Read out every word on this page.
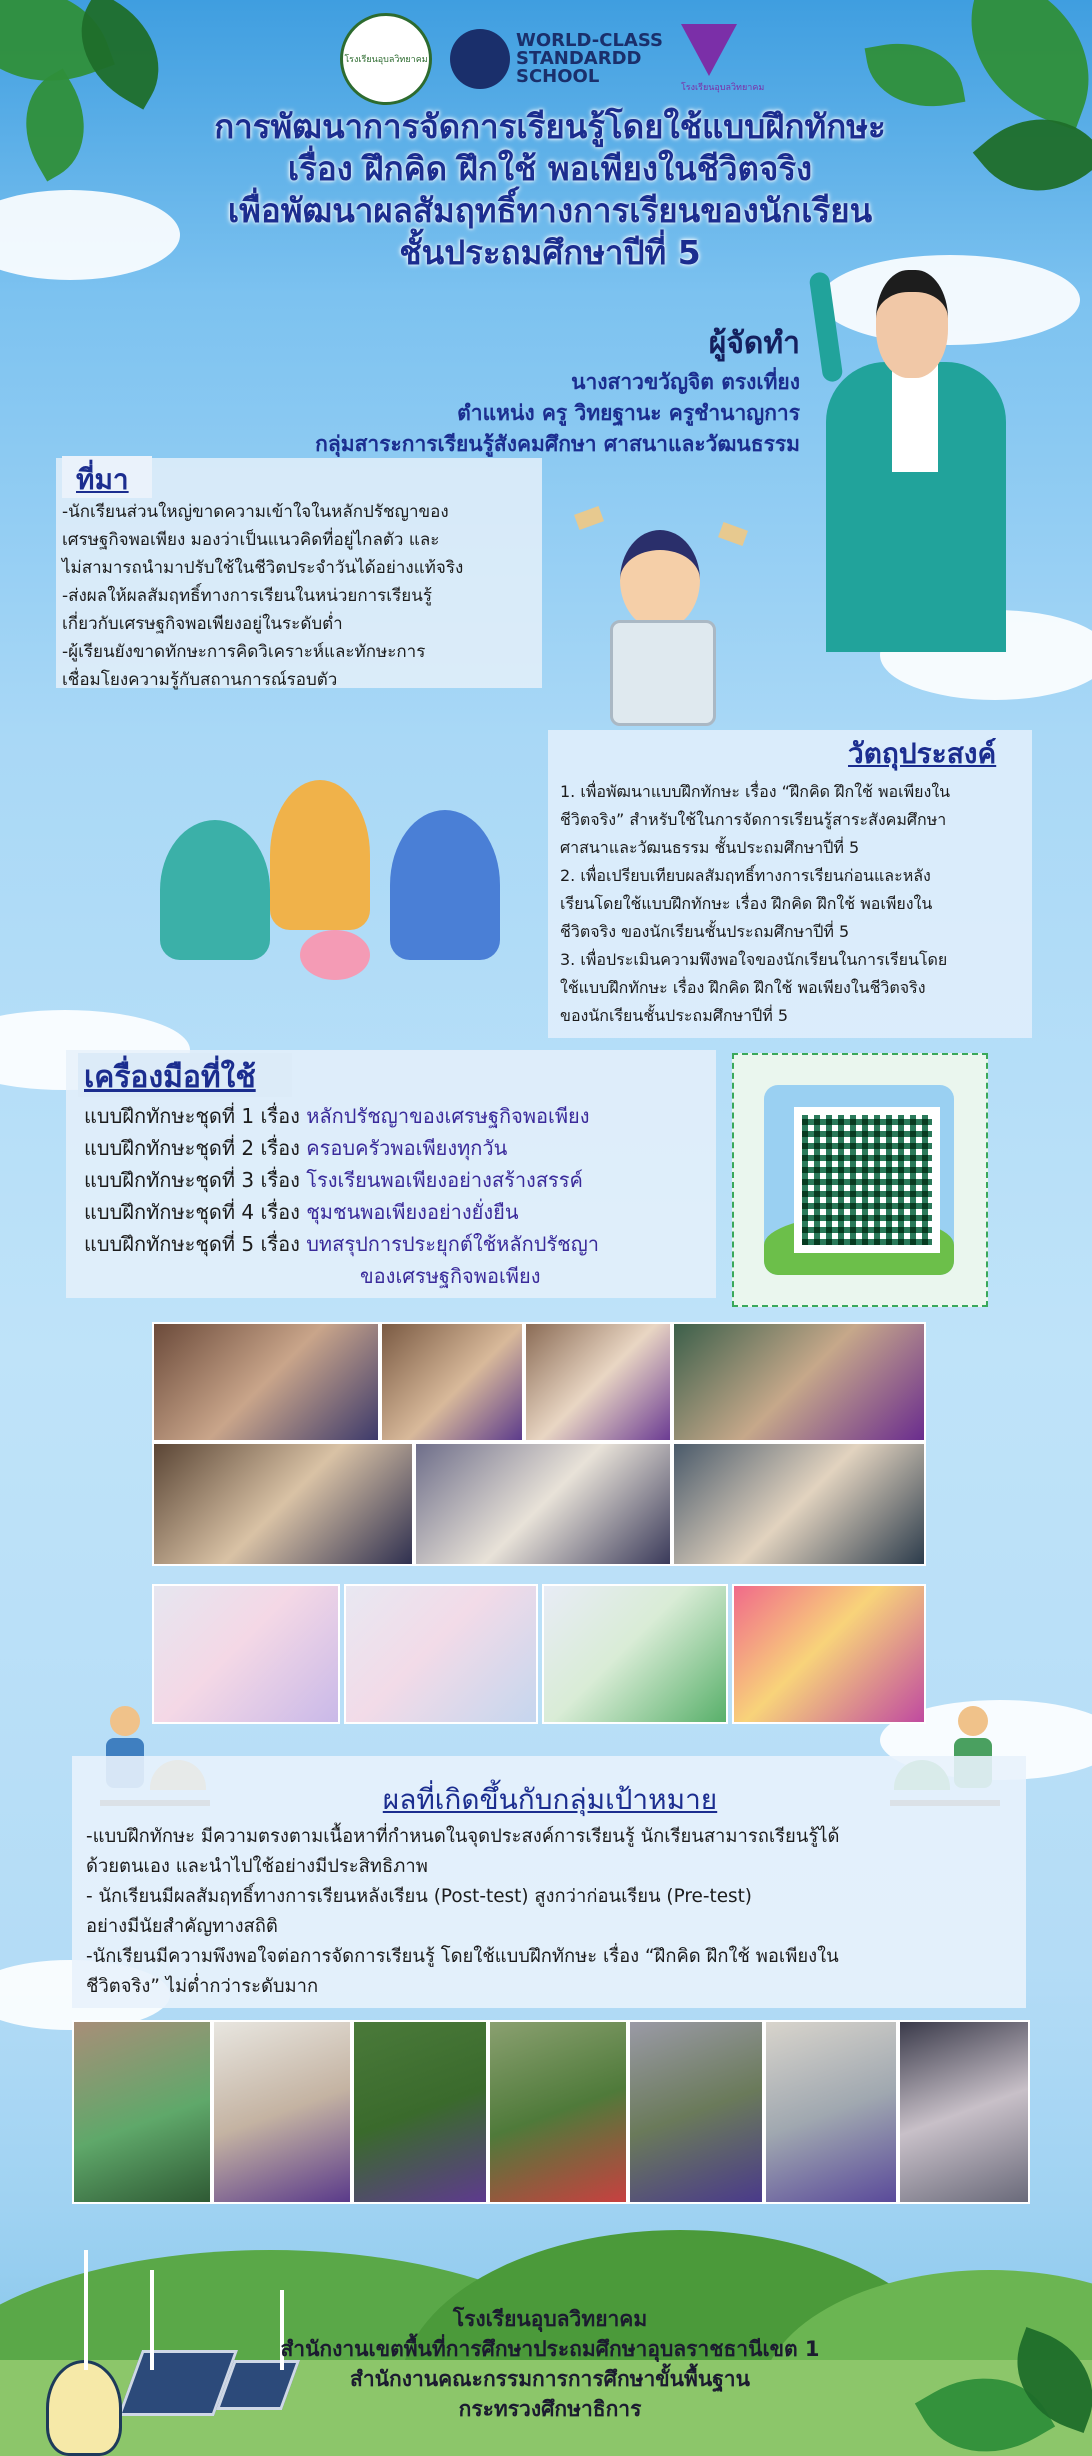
โรงเรียนอุบลวิทยาคม
WORLD-CLASS
STANDARDD
SCHOOL
โรงเรียนอุบลวิทยาคม
การพัฒนาการจัดการเรียนรู้โดยใช้แบบฝึกทักษะ
เรื่อง ฝึกคิด ฝึกใช้ พอเพียงในชีวิตจริง
เพื่อพัฒนาผลสัมฤทธิ์ทางการเรียนของนักเรียน
ชั้นประถมศึกษาปีที่ 5
ผู้จัดทำ
นางสาวขวัญจิต ตรงเที่ยง
ตำแหน่ง ครู วิทยฐานะ ครูชำนาญการ
กลุ่มสาระการเรียนรู้สังคมศึกษา ศาสนาและวัฒนธรรม
ที่มา
-นักเรียนส่วนใหญ่ขาดความเข้าใจในหลักปรัชญาของ
เศรษฐกิจพอเพียง มองว่าเป็นแนวคิดที่อยู่ไกลตัว และ
ไม่สามารถนำมาปรับใช้ในชีวิตประจำวันได้อย่างแท้จริง
-ส่งผลให้ผลสัมฤทธิ์ทางการเรียนในหน่วยการเรียนรู้
เกี่ยวกับเศรษฐกิจพอเพียงอยู่ในระดับต่ำ
-ผู้เรียนยังขาดทักษะการคิดวิเคราะห์และทักษะการ
เชื่อมโยงความรู้กับสถานการณ์รอบตัว
วัตถุประสงค์
1. เพื่อพัฒนาแบบฝึกทักษะ เรื่อง “ฝึกคิด ฝึกใช้ พอเพียงใน
ชีวิตจริง” สำหรับใช้ในการจัดการเรียนรู้สาระสังคมศึกษา
ศาสนาและวัฒนธรรม ชั้นประถมศึกษาปีที่ 5
2. เพื่อเปรียบเทียบผลสัมฤทธิ์ทางการเรียนก่อนและหลัง
เรียนโดยใช้แบบฝึกทักษะ เรื่อง ฝึกคิด ฝึกใช้ พอเพียงใน
ชีวิตจริง ของนักเรียนชั้นประถมศึกษาปีที่ 5
3. เพื่อประเมินความพึงพอใจของนักเรียนในการเรียนโดย
ใช้แบบฝึกทักษะ เรื่อง ฝึกคิด ฝึกใช้ พอเพียงในชีวิตจริง
ของนักเรียนชั้นประถมศึกษาปีที่ 5
เครื่องมือที่ใช้
แบบฝึกทักษะชุดที่ 1 เรื่อง หลักปรัชญาของเศรษฐกิจพอเพียง
แบบฝึกทักษะชุดที่ 2 เรื่อง ครอบครัวพอเพียงทุกวัน
แบบฝึกทักษะชุดที่ 3 เรื่อง โรงเรียนพอเพียงอย่างสร้างสรรค์
แบบฝึกทักษะชุดที่ 4 เรื่อง ชุมชนพอเพียงอย่างยั่งยืน
แบบฝึกทักษะชุดที่ 5 เรื่อง บทสรุปการประยุกต์ใช้หลักปรัชญา
ของเศรษฐกิจพอเพียง
ผลที่เกิดขึ้นกับกลุ่มเป้าหมาย
-แบบฝึกทักษะ มีความตรงตามเนื้อหาที่กำหนดในจุดประสงค์การเรียนรู้ นักเรียนสามารถเรียนรู้ได้
ด้วยตนเอง และนำไปใช้อย่างมีประสิทธิภาพ
- นักเรียนมีผลสัมฤทธิ์ทางการเรียนหลังเรียน (Post-test) สูงกว่าก่อนเรียน (Pre-test)
อย่างมีนัยสำคัญทางสถิติ
-นักเรียนมีความพึงพอใจต่อการจัดการเรียนรู้ โดยใช้แบบฝึกทักษะ เรื่อง “ฝึกคิด ฝึกใช้ พอเพียงใน
ชีวิตจริง” ไม่ต่ำกว่าระดับมาก
โรงเรียนอุบลวิทยาคม
สำนักงานเขตพื้นที่การศึกษาประถมศึกษาอุบลราชธานีเขต 1
สำนักงานคณะกรรมการการศึกษาขั้นพื้นฐาน
กระทรวงศึกษาธิการ
